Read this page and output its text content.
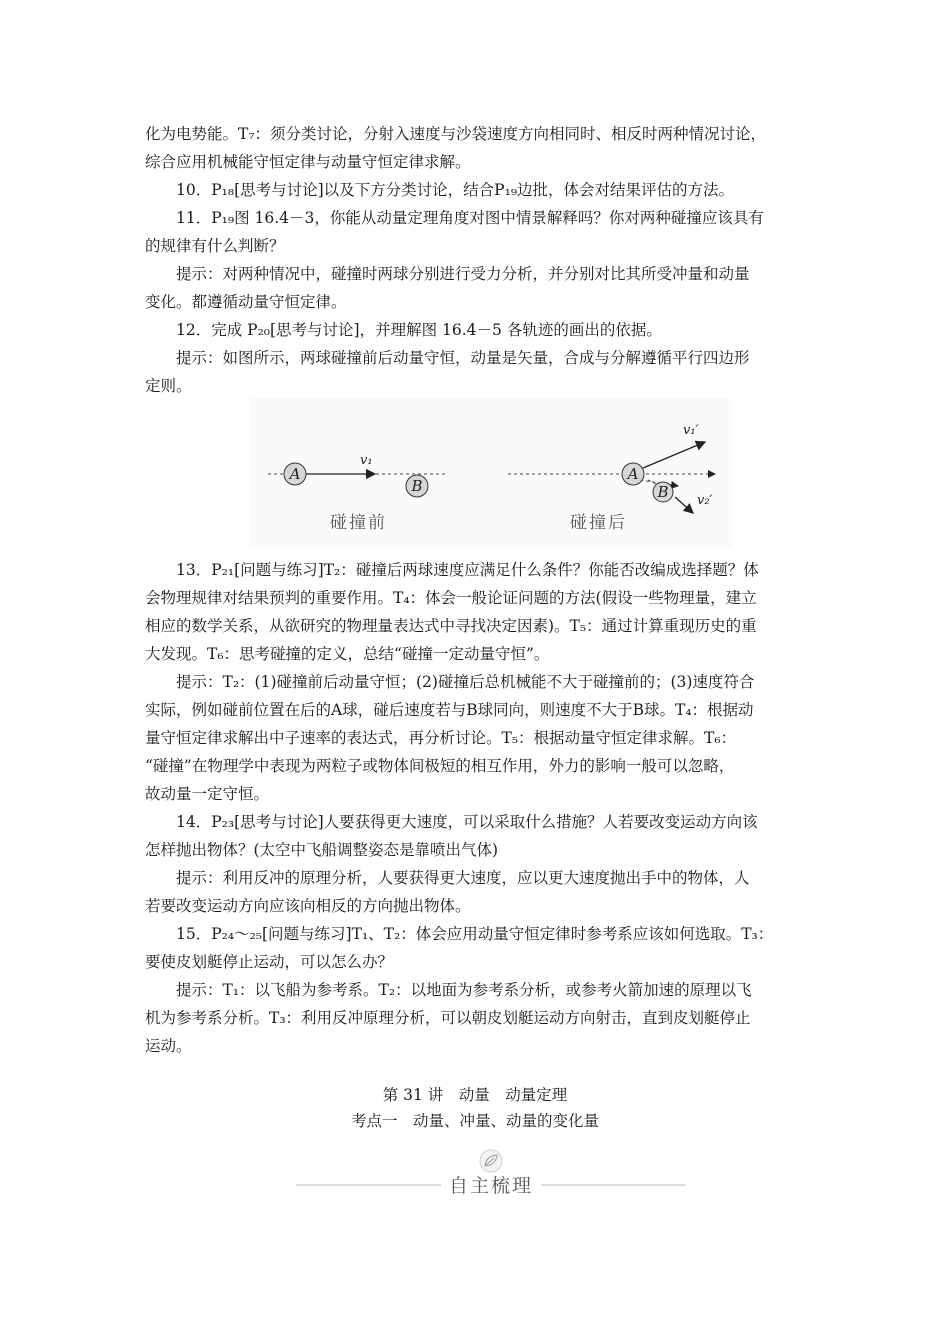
化为电势能。T₇：须分类讨论，分射入速度与沙袋速度方向相同时、相反时两种情况讨论，
综合应用机械能守恒定律与动量守恒定律求解。
10．P₁₈[思考与讨论]以及下方分类讨论，结合P₁₉边批，体会对结果评估的方法。
11．P₁₉图 16.4－3，你能从动量定理角度对图中情景解释吗？你对两种碰撞应该具有
的规律有什么判断？
提示：对两种情况中，碰撞时两球分别进行受力分析，并分别对比其所受冲量和动量
变化。都遵循动量守恒定律。
12．完成 P₂₀[思考与讨论]，并理解图 16.4－5 各轨迹的画出的依据。
提示：如图所示，两球碰撞前后动量守恒，动量是矢量，合成与分解遵循平行四边形
定则。
A
B
v₁
碰撞前
A
B
v₁′
v₂′
碰撞后
13．P₂₁[问题与练习]T₂：碰撞后两球速度应满足什么条件？你能否改编成选择题？体
会物理规律对结果预判的重要作用。T₄：体会一般论证问题的方法(假设一些物理量，建立
相应的数学关系，从欲研究的物理量表达式中寻找决定因素)。T₅：通过计算重现历史的重
大发现。T₆：思考碰撞的定义，总结“碰撞一定动量守恒”。
提示：T₂：(1)碰撞前后动量守恒；(2)碰撞后总机械能不大于碰撞前的；(3)速度符合
实际，例如碰前位置在后的A球，碰后速度若与B球同向，则速度不大于B球。T₄：根据动
量守恒定律求解出中子速率的表达式，再分析讨论。T₅：根据动量守恒定律求解。T₆：
“碰撞”在物理学中表现为两粒子或物体间极短的相互作用，外力的影响一般可以忽略，
故动量一定守恒。
14．P₂₃[思考与讨论]人要获得更大速度，可以采取什么措施？人若要改变运动方向该
怎样抛出物体？(太空中飞船调整姿态是靠喷出气体)
提示：利用反冲的原理分析，人要获得更大速度，应以更大速度抛出手中的物体，人
若要改变运动方向应该向相反的方向抛出物体。
15．P₂₄～₂₅[问题与练习]T₁、T₂：体会应用动量守恒定律时参考系应该如何选取。T₃：
要使皮划艇停止运动，可以怎么办？
提示：T₁：以飞船为参考系。T₂：以地面为参考系分析，或参考火箭加速的原理以飞
机为参考系分析。T₃：利用反冲原理分析，可以朝皮划艇运动方向射击，直到皮划艇停止
运动。
第 31 讲　动量　动量定理
考点一　动量、冲量、动量的变化量
自主梳理
